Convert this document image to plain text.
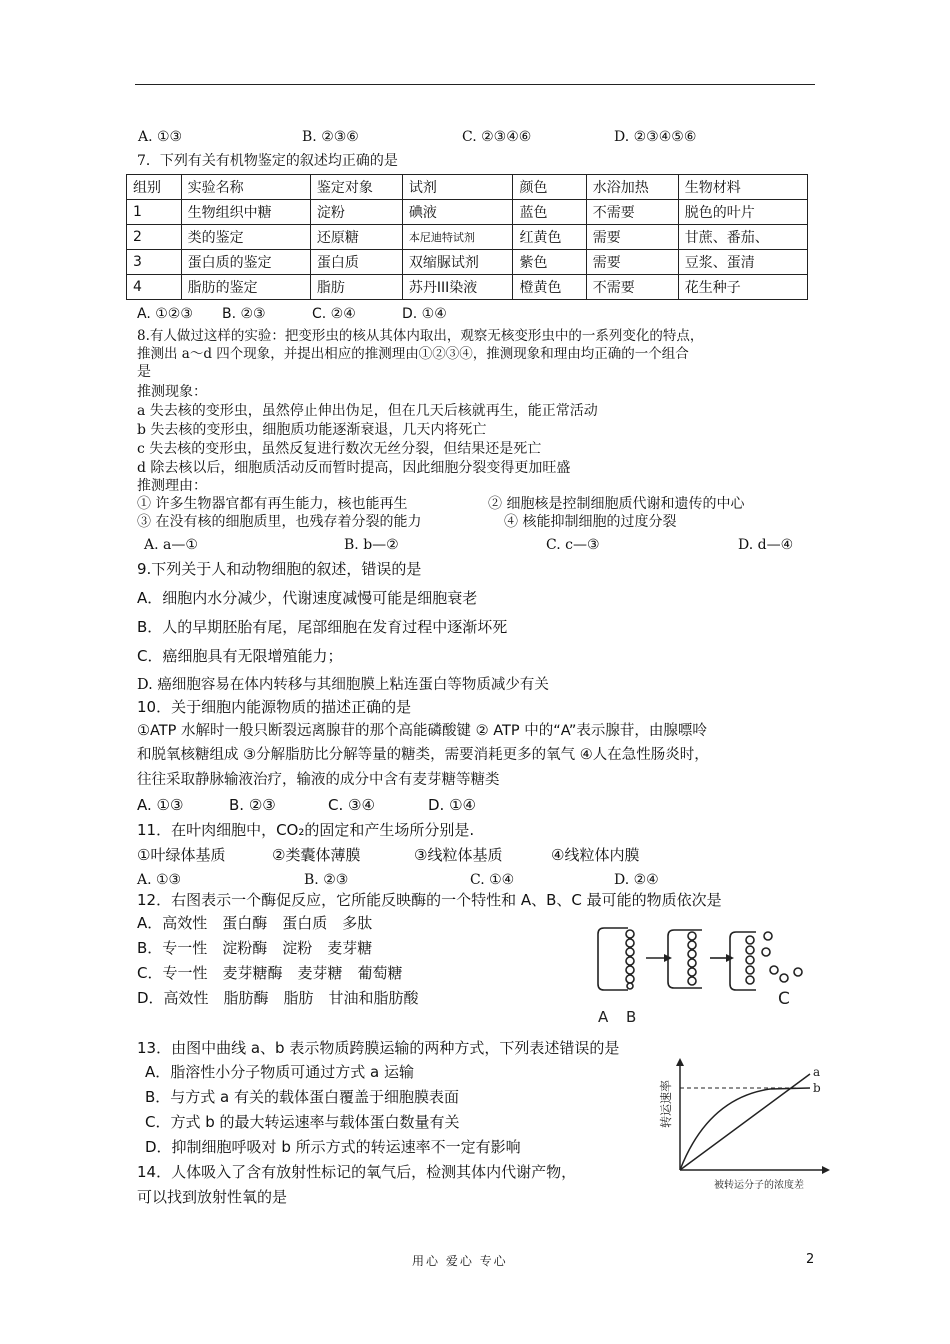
A. ①③	B. ②③⑥	C. ②③④⑥	D. ②③④⑤⑥
7．下列有关有机物鉴定的叙述均正确的是
组别	实验名称	鉴定对象	试剂	颜色	水浴加热	生物材料
1	生物组织中糖	淀粉	碘液	蓝色	不需要	脱色的叶片
2	类的鉴定	还原糖	本尼迪特试剂	红黄色	需要	甘蔗、番茄、
3	蛋白质的鉴定	蛋白质	双缩脲试剂	紫色	需要	豆浆、蛋清
4	脂肪的鉴定	脂肪	苏丹III染液	橙黄色	不需要	花生种子
A. ①②③ B. ②③	C. ②④	D. ①④
8.有人做过这样的实验：把变形虫的核从其体内取出，观察无核变形虫中的一系列变化的特点，
推测出 a～d 四个现象，并提出相应的推测理由①②③④，推测现象和理由均正确的一个组合
是
推测现象：
a 失去核的变形虫，虽然停止伸出伪足，但在几天后核就再生，能正常活动
b 失去核的变形虫，细胞质功能逐渐衰退，几天内将死亡
c 失去核的变形虫，虽然反复进行数次无丝分裂，但结果还是死亡
d 除去核以后，细胞质活动反而暂时提高，因此细胞分裂变得更加旺盛
推测理由：
① 许多生物器官都有再生能力，核也能再生	② 细胞核是控制细胞质代谢和遗传的中心
③ 在没有核的细胞质里，也残存着分裂的能力	④ 核能抑制细胞的过度分裂
A. a—①	B. b—②	C. c—③	D. d—④
9.下列关于人和动物细胞的叙述，错误的是
A．细胞内水分减少，代谢速度减慢可能是细胞衰老
B．人的早期胚胎有尾，尾部细胞在发育过程中逐渐坏死
C．癌细胞具有无限增殖能力；
D. 癌细胞容易在体内转移与其细胞膜上粘连蛋白等物质减少有关
10．关于细胞内能源物质的描述正确的是
①ATP 水解时一般只断裂远离腺苷的那个高能磷酸键 ② ATP 中的“A”表示腺苷，由腺嘌呤
和脱氧核糖组成 ③分解脂肪比分解等量的糖类，需要消耗更多的氧气 ④人在急性肠炎时，
往往采取静脉输液治疗，输液的成分中含有麦芽糖等糖类
A. ①③	B. ②③	C. ③④	D. ①④
11．在叶肉细胞中，CO₂的固定和产生场所分别是.
①叶绿体基质	②类囊体薄膜	③线粒体基质	④线粒体内膜
A. ①③	B. ②③	C. ①④	D. ②④
12．右图表示一个酶促反应，它所能反映酶的一个特性和 A、B、C 最可能的物质依次是
A．高效性　蛋白酶　蛋白质　多肽
B．专一性　淀粉酶　淀粉　麦芽糖
C．专一性　麦芽糖酶　麦芽糖　葡萄糖
D．高效性　脂肪酶　脂肪　甘油和脂肪酸
A B
C
13．由图中曲线 a、b 表示物质跨膜运输的两种方式，下列表述错误的是
A．脂溶性小分子物质可通过方式 a 运输
B．与方式 a 有关的载体蛋白覆盖于细胞膜表面
C．方式 b 的最大转运速率与载体蛋白数量有关
D．抑制细胞呼吸对 b 所示方式的转运速率不一定有影响
a
b
转运速率
被转运分子的浓度差
14．人体吸入了含有放射性标记的氧气后，检测其体内代谢产物，
可以找到放射性氧的是
用心 爱心 专心	2
